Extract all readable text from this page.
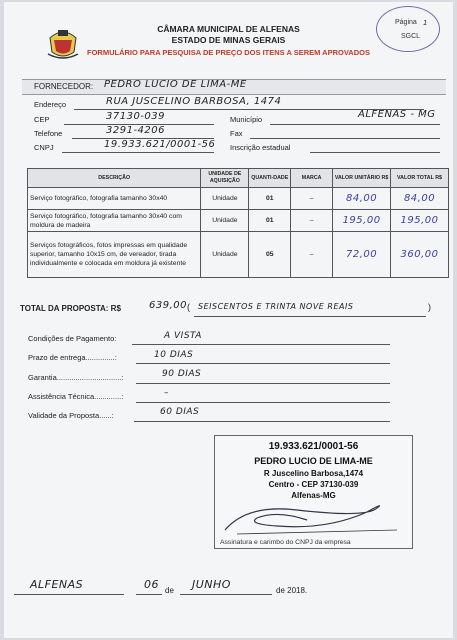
Página 1
SGCL
CÂMARA MUNICIPAL DE ALFENAS
ESTADO DE MINAS GERAIS
FORMULÁRIO PARA PESQUISA DE PREÇO DOS ITENS A SEREM APROVADOS
FORNECEDOR: PEDRO LUCIO DE LIMA-ME
Endereço	RUA JUSCELINO BARBOSA, 1474
CEP	37130-039	Município	ALFENAS - MG
Telefone	3291-4206	Fax
CNPJ	19.933.621/0001-56 Inscrição estadual
DESCRIÇÃO	UNIDADE DE AQUISIÇÃO	QUANTI-DADE	MARCA	VALOR UNITÁRIO R$	VALOR TOTAL R$
Serviço fotográfico, fotografia tamanho 30x40	Unidade	01	–	84,00	84,00
Serviço fotográfico, fotografia tamanho 30x40 com moldura de madeira	Unidade	01	–	195,00	195,00
Serviços fotográficos, fotos impressas em qualidade superior, tamanho 10x15 cm, de vereador, tirada individualmente e colocada em moldura já existente	Unidade	05	–	72,00	360,00
TOTAL DA PROPOSTA: R$	639,00 ( SEISCENTOS E TRINTA NOVE REAIS	)
Condições de Pagamento:	A VISTA
Prazo de entrega..............:	10 DIAS
Garantia...............................:	90 DIAS
Assistência Técnica.............:	–
Validade da Proposta......:	60 DIAS
19.933.621/0001-56
PEDRO LUCIO DE LIMA-ME
R Juscelino Barbosa,1474
Centro - CEP 37130-039
Alfenas-MG
Assinatura e carimbo do CNPJ da empresa
ALFENAS	06 de JUNHO	de 2018.
